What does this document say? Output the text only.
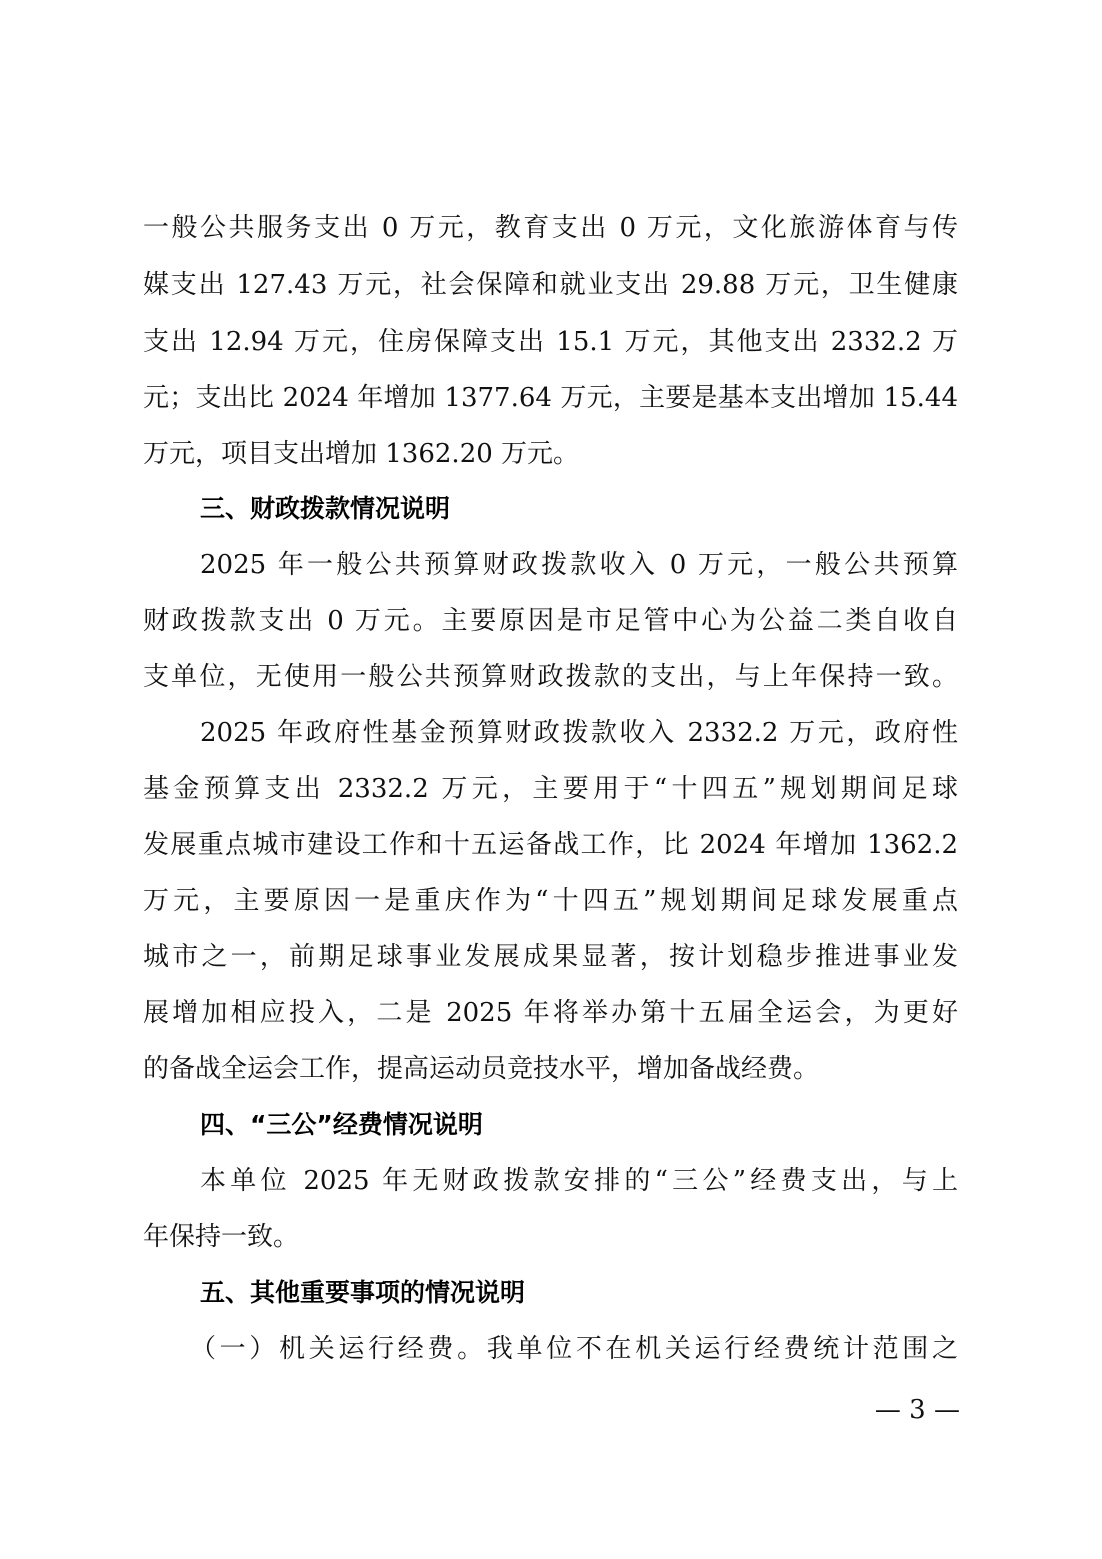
一般公共服务支出 0 万元，教育支出 0 万元，文化旅游体育与传
媒支出 127.43 万元，社会保障和就业支出 29.88 万元，卫生健康
支出 12.94 万元，住房保障支出 15.1 万元，其他支出 2332.2 万
元；支出比 2024 年增加 1377.64 万元，主要是基本支出增加 15.44
万元，项目支出增加 1362.20 万元。
三、财政拨款情况说明
2025 年一般公共预算财政拨款收入 0 万元，一般公共预算
财政拨款支出 0 万元。主要原因是市足管中心为公益二类自收自
支单位，无使用一般公共预算财政拨款的支出，与上年保持一致。
2025 年政府性基金预算财政拨款收入 2332.2 万元，政府性
基金预算支出 2332.2 万元，主要用于“十四五”规划期间足球
发展重点城市建设工作和十五运备战工作，比 2024 年增加 1362.2
万元，主要原因一是重庆作为“十四五”规划期间足球发展重点
城市之一，前期足球事业发展成果显著，按计划稳步推进事业发
展增加相应投入，二是 2025 年将举办第十五届全运会，为更好
的备战全运会工作，提高运动员竞技水平，增加备战经费。
四、“三公”经费情况说明
本单位 2025 年无财政拨款安排的“三公”经费支出，与上
年保持一致。
五、其他重要事项的情况说明
（一）机关运行经费。我单位不在机关运行经费统计范围之
— 3 —
